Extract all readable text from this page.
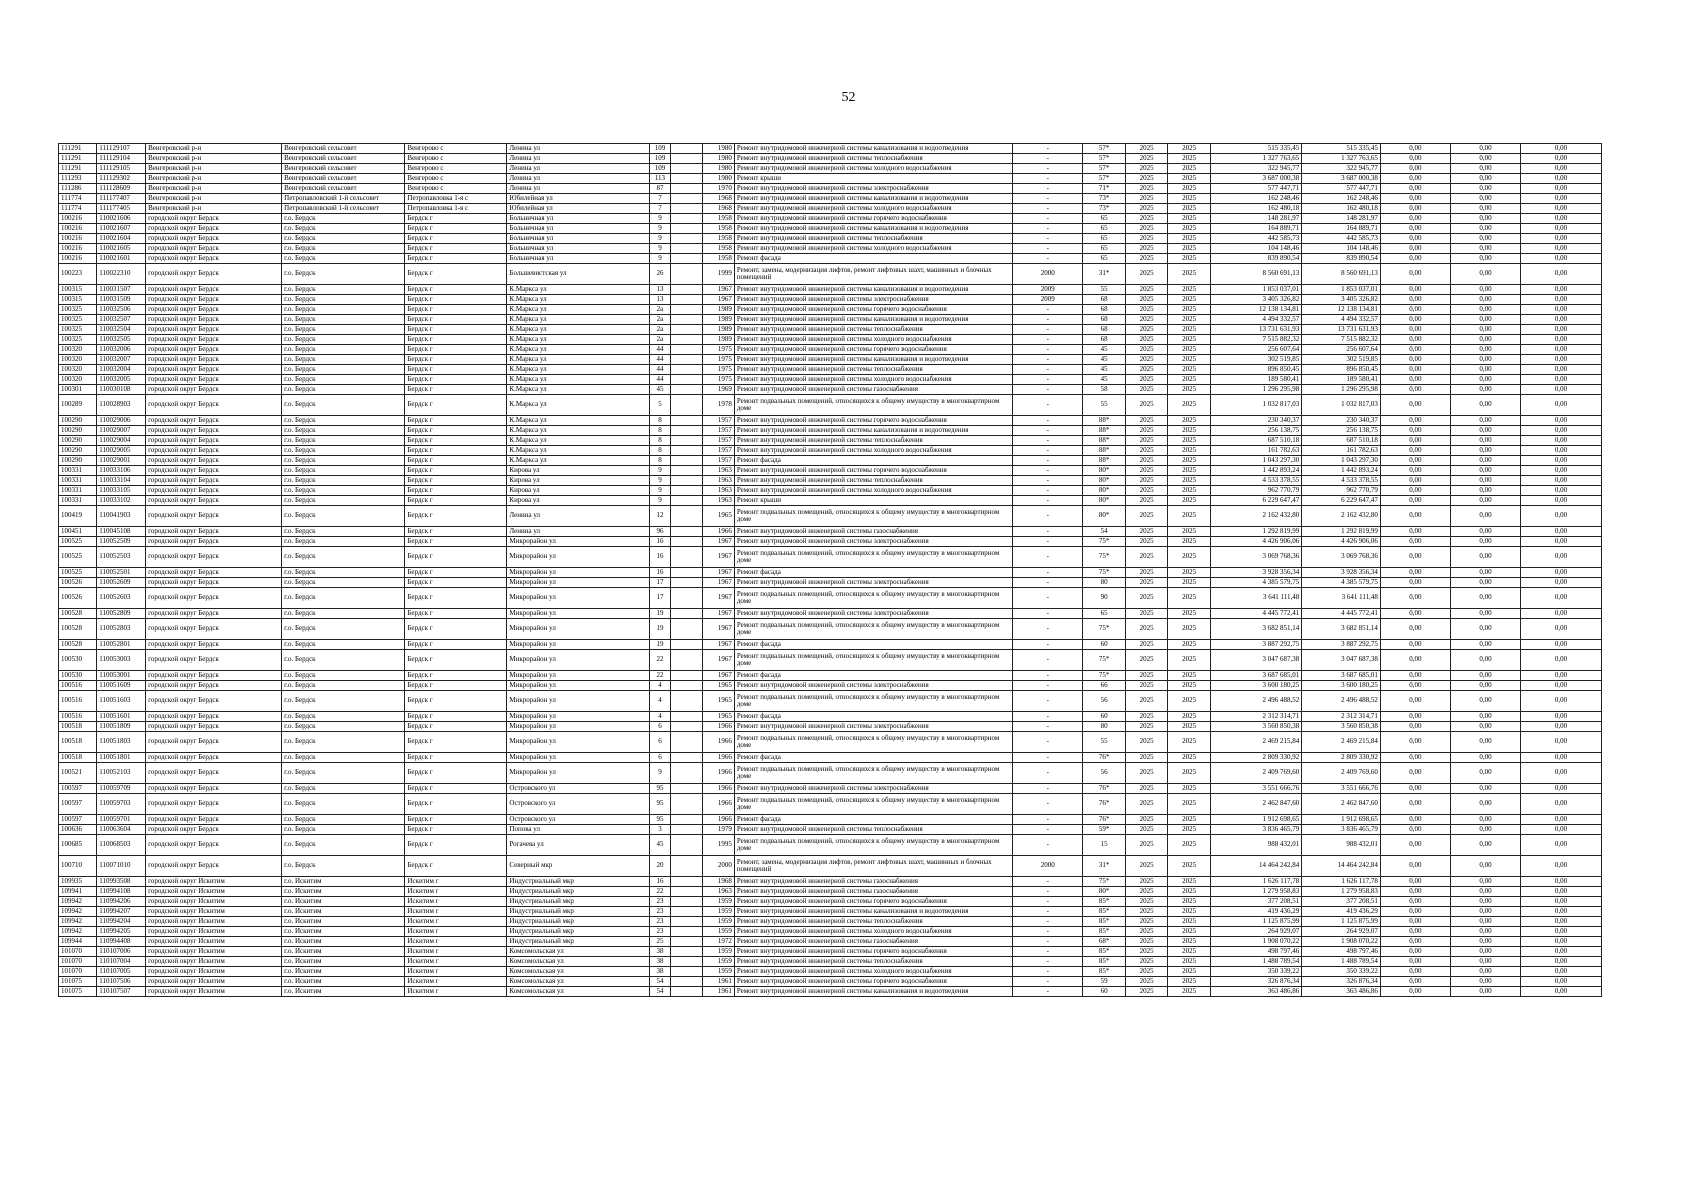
52
111291	111129107	Венгеровский р-н	Венгеровский сельсовет	Венгерово с	Ленина ул	109		1980	Ремонт внутридомовой инженерной системы канализования и водоотведения	-	57*	2025	2025	515 335,45	515 335,45	0,00	0,00	0,00
111291	111129104	Венгеровский р-н	Венгеровский сельсовет	Венгерово с	Ленина ул	109		1980	Ремонт внутридомовой инженерной системы теплоснабжения	-	57*	2025	2025	1 327 763,65	1 327 763,65	0,00	0,00	0,00
111291	111129105	Венгеровский р-н	Венгеровский сельсовет	Венгерово с	Ленина ул	109		1980	Ремонт внутридомовой инженерной системы холодного водоснабжения	-	57*	2025	2025	322 945,77	322 945,77	0,00	0,00	0,00
111293	111129302	Венгеровский р-н	Венгеровский сельсовет	Венгерово с	Ленина ул	113		1980	Ремонт крыши	-	57*	2025	2025	3 687 000,38	3 687 000,38	0,00	0,00	0,00
111286	111128609	Венгеровский р-н	Венгеровский сельсовет	Венгерово с	Ленина ул	87		1970	Ремонт внутридомовой инженерной системы электроснабжения	-	71*	2025	2025	577 447,71	577 447,71	0,00	0,00	0,00
111774	111177407	Венгеровский р-н	Петропавловский 1-й сельсовет	Петропавловка 1-я с	Юбилейная ул	7		1968	Ремонт внутридомовой инженерной системы канализования и водоотведения	-	73*	2025	2025	162 248,46	162 248,46	0,00	0,00	0,00
111774	111177405	Венгеровский р-н	Петропавловский 1-й сельсовет	Петропавловка 1-я с	Юбилейная ул	7		1968	Ремонт внутридомовой инженерной системы холодного водоснабжения	-	73*	2025	2025	162 480,18	162 480,18	0,00	0,00	0,00
100216	110021606	городской округ Бердск	г.о. Бердск	Бердск г	Больничная ул	9		1958	Ремонт внутридомовой инженерной системы горячего водоснабжения	-	65	2025	2025	148 281,97	148 281,97	0,00	0,00	0,00
100216	110021607	городской округ Бердск	г.о. Бердск	Бердск г	Больничная ул	9		1958	Ремонт внутридомовой инженерной системы канализования и водоотведения	-	65	2025	2025	164 889,71	164 889,71	0,00	0,00	0,00
100216	110021604	городской округ Бердск	г.о. Бердск	Бердск г	Больничная ул	9		1958	Ремонт внутридомовой инженерной системы теплоснабжения	-	65	2025	2025	442 585,73	442 585,73	0,00	0,00	0,00
100216	110021605	городской округ Бердск	г.о. Бердск	Бердск г	Больничная ул	9		1958	Ремонт внутридомовой инженерной системы холодного водоснабжения	-	65	2025	2025	104 148,46	104 148,46	0,00	0,00	0,00
100216	110021601	городской округ Бердск	г.о. Бердск	Бердск г	Больничная ул	9		1958	Ремонт фасада	-	65	2025	2025	839 890,54	839 890,54	0,00	0,00	0,00
100223	110022310	городской округ Бердск	г.о. Бердск	Бердск г	Большевистская ул	26		1999	Ремонт, замена, модернизация лифтов, ремонт лифтовых шахт, машинных и блочных помещений	2000	31*	2025	2025	8 560 691,13	8 560 691,13	0,00	0,00	0,00
100315	110031507	городской округ Бердск	г.о. Бердск	Бердск г	К.Маркса ул	13		1967	Ремонт внутридомовой инженерной системы канализования и водоотведения	2009	55	2025	2025	1 853 037,01	1 853 037,01	0,00	0,00	0,00
100315	110031509	городской округ Бердск	г.о. Бердск	Бердск г	К.Маркса ул	13		1967	Ремонт внутридомовой инженерной системы электроснабжения	2009	68	2025	2025	3 405 326,82	3 405 326,82	0,00	0,00	0,00
100325	110032506	городской округ Бердск	г.о. Бердск	Бердск г	К.Маркса ул	2а		1989	Ремонт внутридомовой инженерной системы горячего водоснабжения	-	68	2025	2025	12 138 134,81	12 138 134,81	0,00	0,00	0,00
100325	110032507	городской округ Бердск	г.о. Бердск	Бердск г	К.Маркса ул	2а		1989	Ремонт внутридомовой инженерной системы канализования и водоотведения	-	68	2025	2025	4 494 332,57	4 494 332,57	0,00	0,00	0,00
100325	110032504	городской округ Бердск	г.о. Бердск	Бердск г	К.Маркса ул	2а		1989	Ремонт внутридомовой инженерной системы теплоснабжения	-	68	2025	2025	13 731 631,93	13 731 631,93	0,00	0,00	0,00
100325	110032505	городской округ Бердск	г.о. Бердск	Бердск г	К.Маркса ул	2а		1989	Ремонт внутридомовой инженерной системы холодного водоснабжения	-	68	2025	2025	7 515 882,32	7 515 882,32	0,00	0,00	0,00
100320	110032006	городской округ Бердск	г.о. Бердск	Бердск г	К.Маркса ул	44		1975	Ремонт внутридомовой инженерной системы горячего водоснабжения	-	45	2025	2025	256 607,64	256 607,64	0,00	0,00	0,00
100320	110032007	городской округ Бердск	г.о. Бердск	Бердск г	К.Маркса ул	44		1975	Ремонт внутридомовой инженерной системы канализования и водоотведения	-	45	2025	2025	302 519,85	302 519,85	0,00	0,00	0,00
100320	110032004	городской округ Бердск	г.о. Бердск	Бердск г	К.Маркса ул	44		1975	Ремонт внутридомовой инженерной системы теплоснабжения	-	45	2025	2025	896 850,45	896 850,45	0,00	0,00	0,00
100320	110032005	городской округ Бердск	г.о. Бердск	Бердск г	К.Маркса ул	44		1975	Ремонт внутридомовой инженерной системы холодного водоснабжения	-	45	2025	2025	189 580,41	189 580,41	0,00	0,00	0,00
100301	110030108	городской округ Бердск	г.о. Бердск	Бердск г	К.Маркса ул	45		1969	Ремонт внутридомовой инженерной системы газоснабжения	-	58	2025	2025	1 296 295,98	1 296 295,98	0,00	0,00	0,00
100289	110028903	городской округ Бердск	г.о. Бердск	Бердск г	К.Маркса ул	5		1978	Ремонт подвальных помещений, относящихся к общему имуществу в многоквартирном доме	-	55	2025	2025	1 032 817,03	1 032 817,03	0,00	0,00	0,00
100290	110029006	городской округ Бердск	г.о. Бердск	Бердск г	К.Маркса ул	8		1957	Ремонт внутридомовой инженерной системы горячего водоснабжения	-	88*	2025	2025	230 340,37	230 340,37	0,00	0,00	0,00
100290	110029007	городской округ Бердск	г.о. Бердск	Бердск г	К.Маркса ул	8		1957	Ремонт внутридомовой инженерной системы канализования и водоотведения	-	88*	2025	2025	256 138,75	256 138,75	0,00	0,00	0,00
100290	110029004	городской округ Бердск	г.о. Бердск	Бердск г	К.Маркса ул	8		1957	Ремонт внутридомовой инженерной системы теплоснабжения	-	88*	2025	2025	687 510,18	687 510,18	0,00	0,00	0,00
100290	110029005	городской округ Бердск	г.о. Бердск	Бердск г	К.Маркса ул	8		1957	Ремонт внутридомовой инженерной системы холодного водоснабжения	-	88*	2025	2025	161 782,63	161 782,63	0,00	0,00	0,00
100290	110029001	городской округ Бердск	г.о. Бердск	Бердск г	К.Маркса ул	8		1957	Ремонт фасада	-	88*	2025	2025	1 043 297,30	1 043 297,30	0,00	0,00	0,00
100331	110033106	городской округ Бердск	г.о. Бердск	Бердск г	Кирова ул	9		1963	Ремонт внутридомовой инженерной системы горячего водоснабжения	-	80*	2025	2025	1 442 893,24	1 442 893,24	0,00	0,00	0,00
100331	110033104	городской округ Бердск	г.о. Бердск	Бердск г	Кирова ул	9		1963	Ремонт внутридомовой инженерной системы теплоснабжения	-	80*	2025	2025	4 533 378,55	4 533 378,55	0,00	0,00	0,00
100331	110033105	городской округ Бердск	г.о. Бердск	Бердск г	Кирова ул	9		1963	Ремонт внутридомовой инженерной системы холодного водоснабжения	-	80*	2025	2025	962 770,79	962 770,79	0,00	0,00	0,00
100331	110033102	городской округ Бердск	г.о. Бердск	Бердск г	Кирова ул	9		1963	Ремонт крыши	-	80*	2025	2025	6 229 647,47	6 229 647,47	0,00	0,00	0,00
100419	110041903	городской округ Бердск	г.о. Бердск	Бердск г	Ленина ул	12		1965	Ремонт подвальных помещений, относящихся к общему имуществу в многоквартирном доме	-	80*	2025	2025	2 162 432,80	2 162 432,80	0,00	0,00	0,00
100451	110045108	городской округ Бердск	г.о. Бердск	Бердск г	Ленина ул	96		1966	Ремонт внутридомовой инженерной системы газоснабжения	-	54	2025	2025	1 292 819,99	1 292 819,99	0,00	0,00	0,00
100525	110052509	городской округ Бердск	г.о. Бердск	Бердск г	Микрорайон ул	16		1967	Ремонт внутридомовой инженерной системы электроснабжения	-	75*	2025	2025	4 426 906,06	4 426 906,06	0,00	0,00	0,00
100525	110052503	городской округ Бердск	г.о. Бердск	Бердск г	Микрорайон ул	16		1967	Ремонт подвальных помещений, относящихся к общему имуществу в многоквартирном доме	-	75*	2025	2025	3 069 768,36	3 069 768,36	0,00	0,00	0,00
100525	110052501	городской округ Бердск	г.о. Бердск	Бердск г	Микрорайон ул	16		1967	Ремонт фасада	-	75*	2025	2025	3 928 356,34	3 928 356,34	0,00	0,00	0,00
100526	110052609	городской округ Бердск	г.о. Бердск	Бердск г	Микрорайон ул	17		1967	Ремонт внутридомовой инженерной системы электроснабжения	-	80	2025	2025	4 385 579,75	4 385 579,75	0,00	0,00	0,00
100526	110052603	городской округ Бердск	г.о. Бердск	Бердск г	Микрорайон ул	17		1967	Ремонт подвальных помещений, относящихся к общему имуществу в многоквартирном доме	-	90	2025	2025	3 641 111,48	3 641 111,48	0,00	0,00	0,00
100528	110052809	городской округ Бердск	г.о. Бердск	Бердск г	Микрорайон ул	19		1967	Ремонт внутридомовой инженерной системы электроснабжения	-	65	2025	2025	4 445 772,41	4 445 772,41	0,00	0,00	0,00
100528	110052803	городской округ Бердск	г.о. Бердск	Бердск г	Микрорайон ул	19		1967	Ремонт подвальных помещений, относящихся к общему имуществу в многоквартирном доме	-	75*	2025	2025	3 682 851,14	3 682 851,14	0,00	0,00	0,00
100528	110052801	городской округ Бердск	г.о. Бердск	Бердск г	Микрорайон ул	19		1967	Ремонт фасада	-	60	2025	2025	3 887 292,75	3 887 292,75	0,00	0,00	0,00
100530	110053003	городской округ Бердск	г.о. Бердск	Бердск г	Микрорайон ул	22		1967	Ремонт подвальных помещений, относящихся к общему имуществу в многоквартирном доме	-	75*	2025	2025	3 047 687,38	3 047 687,38	0,00	0,00	0,00
100530	110053001	городской округ Бердск	г.о. Бердск	Бердск г	Микрорайон ул	22		1967	Ремонт фасада	-	75*	2025	2025	3 687 685,01	3 687 685,01	0,00	0,00	0,00
100516	110051609	городской округ Бердск	г.о. Бердск	Бердск г	Микрорайон ул	4		1965	Ремонт внутридомовой инженерной системы электроснабжения	-	66	2025	2025	3 600 180,25	3 600 180,25	0,00	0,00	0,00
100516	110051603	городской округ Бердск	г.о. Бердск	Бердск г	Микрорайон ул	4		1965	Ремонт подвальных помещений, относящихся к общему имуществу в многоквартирном доме	-	56	2025	2025	2 496 488,52	2 496 488,52	0,00	0,00	0,00
100516	110051601	городской округ Бердск	г.о. Бердск	Бердск г	Микрорайон ул	4		1965	Ремонт фасада	-	60	2025	2025	2 312 314,71	2 312 314,71	0,00	0,00	0,00
100518	110051809	городской округ Бердск	г.о. Бердск	Бердск г	Микрорайон ул	6		1966	Ремонт внутридомовой инженерной системы электроснабжения	-	80	2025	2025	3 560 850,38	3 560 850,38	0,00	0,00	0,00
100518	110051803	городской округ Бердск	г.о. Бердск	Бердск г	Микрорайон ул	6		1966	Ремонт подвальных помещений, относящихся к общему имуществу в многоквартирном доме	-	55	2025	2025	2 469 215,84	2 469 215,84	0,00	0,00	0,00
100518	110051801	городской округ Бердск	г.о. Бердск	Бердск г	Микрорайон ул	6		1966	Ремонт фасада	-	76*	2025	2025	2 809 330,92	2 809 330,92	0,00	0,00	0,00
100521	110052103	городской округ Бердск	г.о. Бердск	Бердск г	Микрорайон ул	9		1966	Ремонт подвальных помещений, относящихся к общему имуществу в многоквартирном доме	-	56	2025	2025	2 409 769,60	2 409 769,60	0,00	0,00	0,00
100597	110059709	городской округ Бердск	г.о. Бердск	Бердск г	Островского ул	95		1966	Ремонт внутридомовой инженерной системы электроснабжения	-	76*	2025	2025	3 551 666,76	3 551 666,76	0,00	0,00	0,00
100597	110059703	городской округ Бердск	г.о. Бердск	Бердск г	Островского ул	95		1966	Ремонт подвальных помещений, относящихся к общему имуществу в многоквартирном доме	-	76*	2025	2025	2 462 847,60	2 462 847,60	0,00	0,00	0,00
100597	110059701	городской округ Бердск	г.о. Бердск	Бердск г	Островского ул	95		1966	Ремонт фасада	-	76*	2025	2025	1 912 698,65	1 912 698,65	0,00	0,00	0,00
100636	110063604	городской округ Бердск	г.о. Бердск	Бердск г	Попова ул	3		1979	Ремонт внутридомовой инженерной системы теплоснабжения	-	59*	2025	2025	3 836 465,79	3 836 465,79	0,00	0,00	0,00
100685	110068503	городской округ Бердск	г.о. Бердск	Бердск г	Рогачева ул	45		1995	Ремонт подвальных помещений, относящихся к общему имуществу в многоквартирном доме	-	15	2025	2025	988 432,01	988 432,01	0,00	0,00	0,00
100710	110071010	городской округ Бердск	г.о. Бердск	Бердск г	Северный мкр	20		2000	Ремонт, замена, модернизация лифтов, ремонт лифтовых шахт, машинных и блочных помещений	2000	31*	2025	2025	14 464 242,84	14 464 242,84	0,00	0,00	0,00
109935	110993508	городской округ Искитим	г.о. Искитим	Искитим г	Индустриальный мкр	16		1968	Ремонт внутридомовой инженерной системы газоснабжения	-	75*	2025	2025	1 626 117,78	1 626 117,78	0,00	0,00	0,00
109941	110994108	городской округ Искитим	г.о. Искитим	Искитим г	Индустриальный мкр	22		1963	Ремонт внутридомовой инженерной системы газоснабжения	-	80*	2025	2025	1 279 958,83	1 279 958,83	0,00	0,00	0,00
109942	110994206	городской округ Искитим	г.о. Искитим	Искитим г	Индустриальный мкр	23		1959	Ремонт внутридомовой инженерной системы горячего водоснабжения	-	85*	2025	2025	377 208,51	377 208,51	0,00	0,00	0,00
109942	110994207	городской округ Искитим	г.о. Искитим	Искитим г	Индустриальный мкр	23		1959	Ремонт внутридомовой инженерной системы канализования и водоотведения	-	85*	2025	2025	419 436,29	419 436,29	0,00	0,00	0,00
109942	110994204	городской округ Искитим	г.о. Искитим	Искитим г	Индустриальный мкр	23		1959	Ремонт внутридомовой инженерной системы теплоснабжения	-	85*	2025	2025	1 125 875,99	1 125 875,99	0,00	0,00	0,00
109942	110994205	городской округ Искитим	г.о. Искитим	Искитим г	Индустриальный мкр	23		1959	Ремонт внутридомовой инженерной системы холодного водоснабжения	-	85*	2025	2025	264 929,07	264 929,07	0,00	0,00	0,00
109944	110994408	городской округ Искитим	г.о. Искитим	Искитим г	Индустриальный мкр	25		1972	Ремонт внутридомовой инженерной системы газоснабжения	-	68*	2025	2025	1 908 070,22	1 908 070,22	0,00	0,00	0,00
101070	110107006	городской округ Искитим	г.о. Искитим	Искитим г	Комсомольская ул	38		1959	Ремонт внутридомовой инженерной системы горячего водоснабжения	-	85*	2025	2025	498 797,46	498 797,46	0,00	0,00	0,00
101070	110107004	городской округ Искитим	г.о. Искитим	Искитим г	Комсомольская ул	38		1959	Ремонт внутридомовой инженерной системы теплоснабжения	-	85*	2025	2025	1 488 789,54	1 488 789,54	0,00	0,00	0,00
101070	110107005	городской округ Искитим	г.о. Искитим	Искитим г	Комсомольская ул	38		1959	Ремонт внутридомовой инженерной системы холодного водоснабжения	-	85*	2025	2025	350 339,22	350 339,22	0,00	0,00	0,00
101075	110107506	городской округ Искитим	г.о. Искитим	Искитим г	Комсомольская ул	54		1961	Ремонт внутридомовой инженерной системы горячего водоснабжения	-	59	2025	2025	326 876,34	326 876,34	0,00	0,00	0,00
101075	110107507	городской округ Искитим	г.о. Искитим	Искитим г	Комсомольская ул	54		1961	Ремонт внутридомовой инженерной системы канализования и водоотведения	-	60	2025	2025	363 486,86	363 486,86	0,00	0,00	0,00
